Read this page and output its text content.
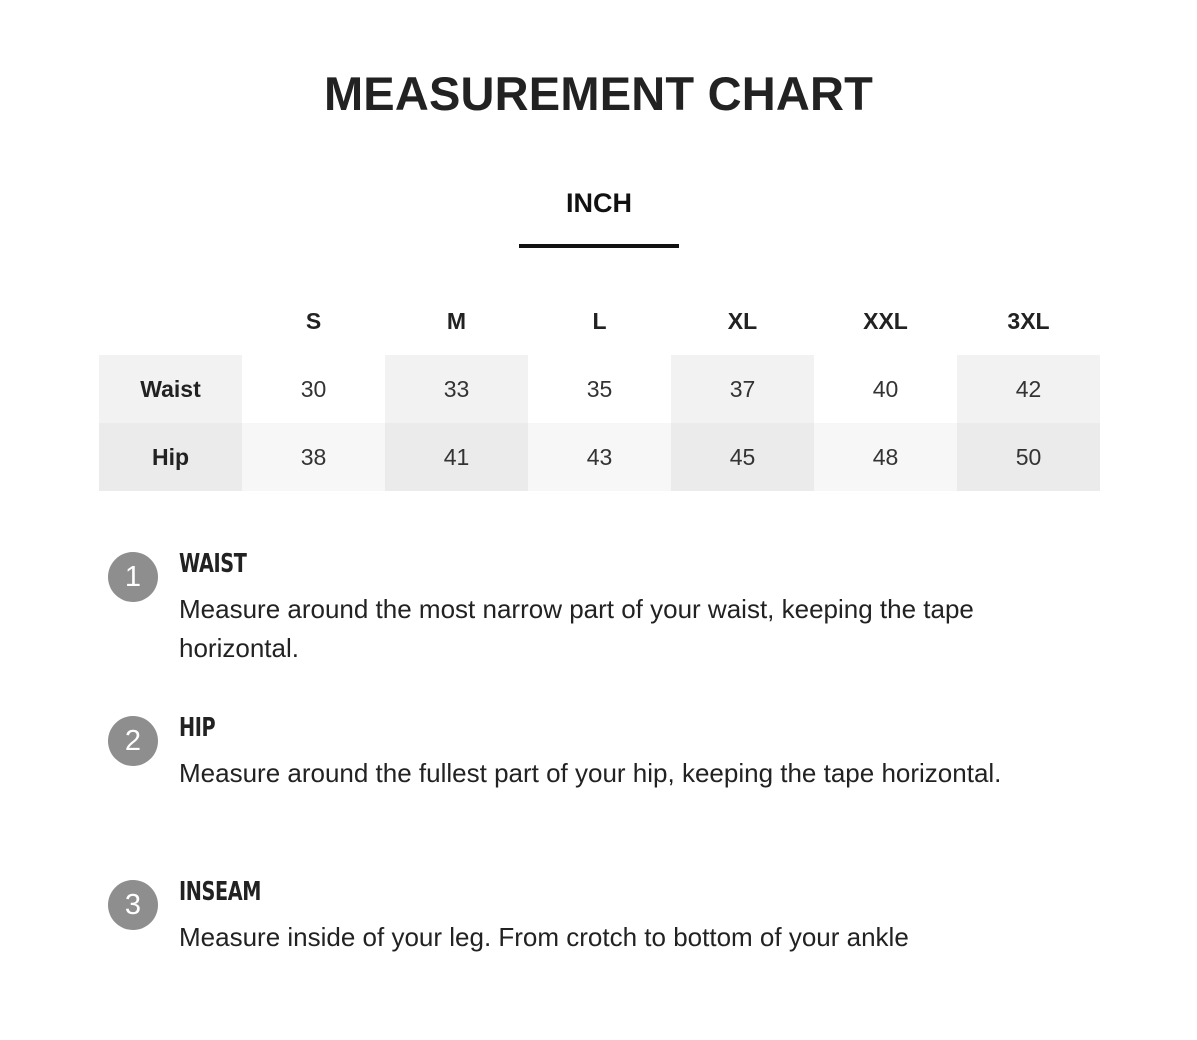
MEASUREMENT CHART
INCH
	S	M	L	XL	XXL	3XL
Waist	30	33	35	37	40	42
Hip	38	41	43	45	48	50
1	WAIST

Measure around the most narrow part of your waist, keeping the tape horizontal.

2	HIP

Measure around the fullest part of your hip, keeping the tape horizontal.

3	INSEAM

Measure inside of your leg. From crotch to bottom of your ankle
